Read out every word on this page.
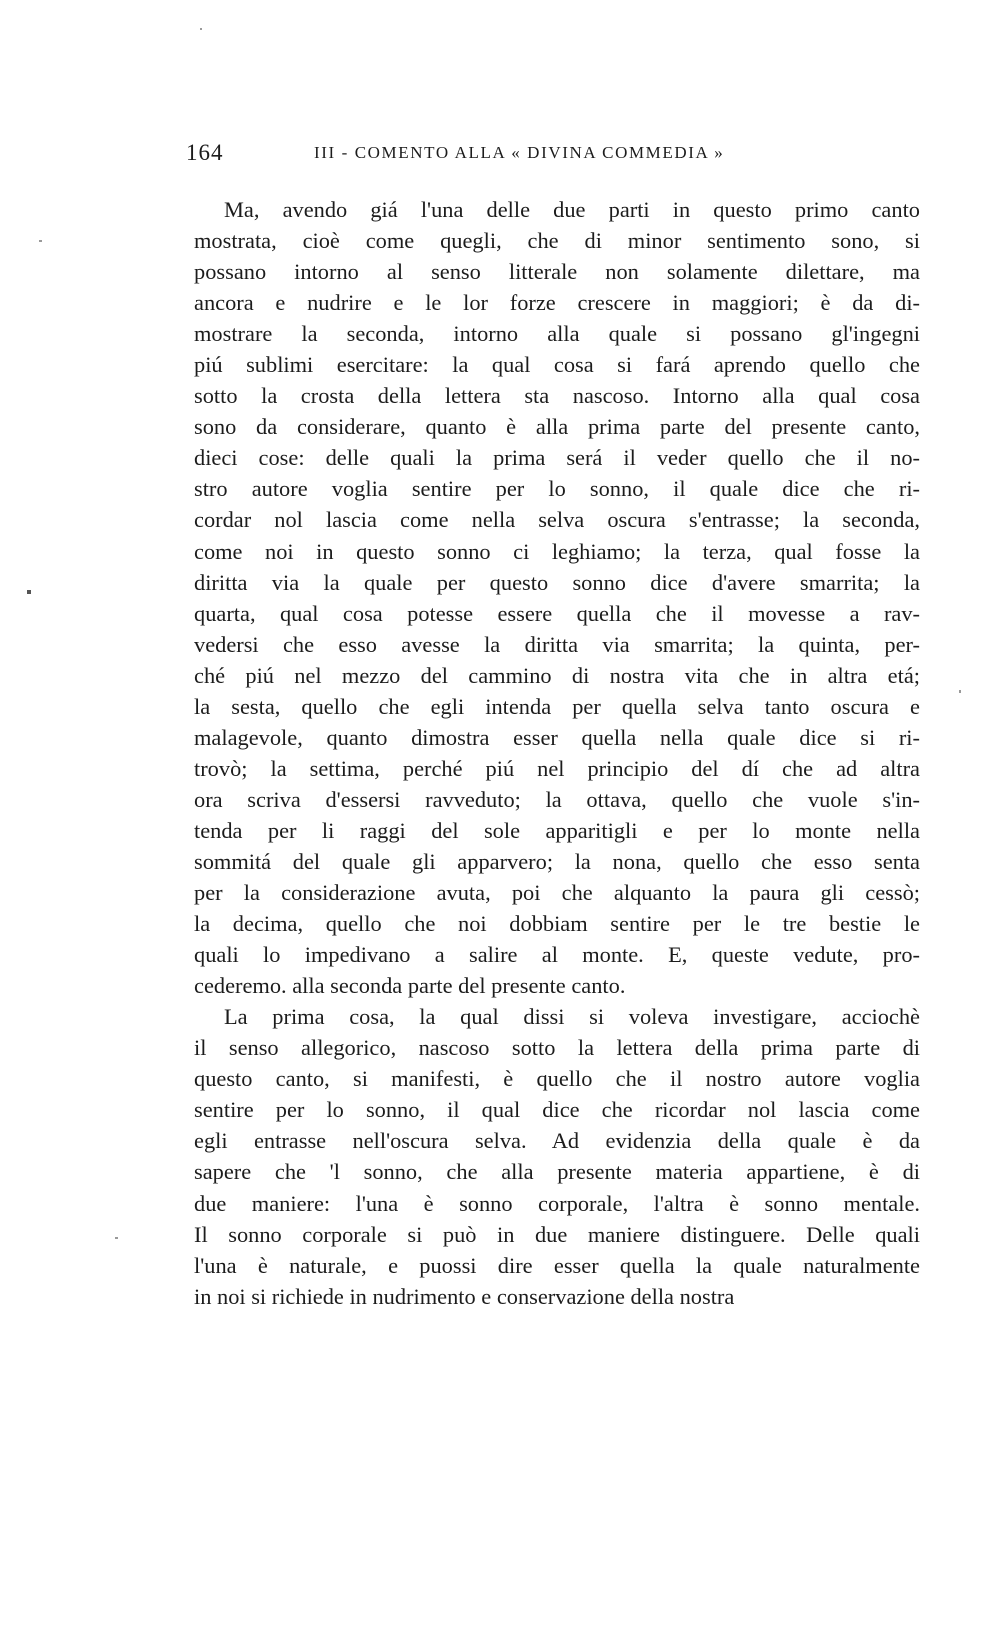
164	III - COMENTO ALLA « DIVINA COMMEDIA »
Ma, avendo giá l'una delle due parti in questo primo canto
mostrata, cioè come quegli, che di minor sentimento sono, si
possano intorno al senso litterale non solamente dilettare, ma
ancora e nudrire e le lor forze crescere in maggiori; è da di-
mostrare la seconda, intorno alla quale si possano gl'ingegni
piú sublimi esercitare: la qual cosa si fará aprendo quello che
sotto la crosta della lettera sta nascoso. Intorno alla qual cosa
sono da considerare, quanto è alla prima parte del presente canto,
dieci cose: delle quali la prima será il veder quello che il no-
stro autore voglia sentire per lo sonno, il quale dice che ri-
cordar nol lascia come nella selva oscura s'entrasse; la seconda,
come noi in questo sonno ci leghiamo; la terza, qual fosse la
diritta via la quale per questo sonno dice d'avere smarrita; la
quarta, qual cosa potesse essere quella che il movesse a rav-
vedersi che esso avesse la diritta via smarrita; la quinta, per-
ché piú nel mezzo del cammino di nostra vita che in altra etá;
la sesta, quello che egli intenda per quella selva tanto oscura e
malagevole, quanto dimostra esser quella nella quale dice si ri-
trovò; la settima, perché piú nel principio del dí che ad altra
ora scriva d'essersi ravveduto; la ottava, quello che vuole s'in-
tenda per li raggi del sole apparitigli e per lo monte nella
sommitá del quale gli apparvero; la nona, quello che esso senta
per la considerazione avuta, poi che alquanto la paura gli cessò;
la decima, quello che noi dobbiam sentire per le tre bestie le
quali lo impedivano a salire al monte. E, queste vedute, pro-
cederemo. alla seconda parte del presente canto.
La prima cosa, la qual dissi si voleva investigare, acciochè
il senso allegorico, nascoso sotto la lettera della prima parte di
questo canto, si manifesti, è quello che il nostro autore voglia
sentire per lo sonno, il qual dice che ricordar nol lascia come
egli entrasse nell'oscura selva. Ad evidenzia della quale è da
sapere che 'l sonno, che alla presente materia appartiene, è di
due maniere: l'una è sonno corporale, l'altra è sonno mentale.
Il sonno corporale si può in due maniere distinguere. Delle quali
l'una è naturale, e puossi dire esser quella la quale naturalmente
in noi si richiede in nudrimento e conservazione della nostra
